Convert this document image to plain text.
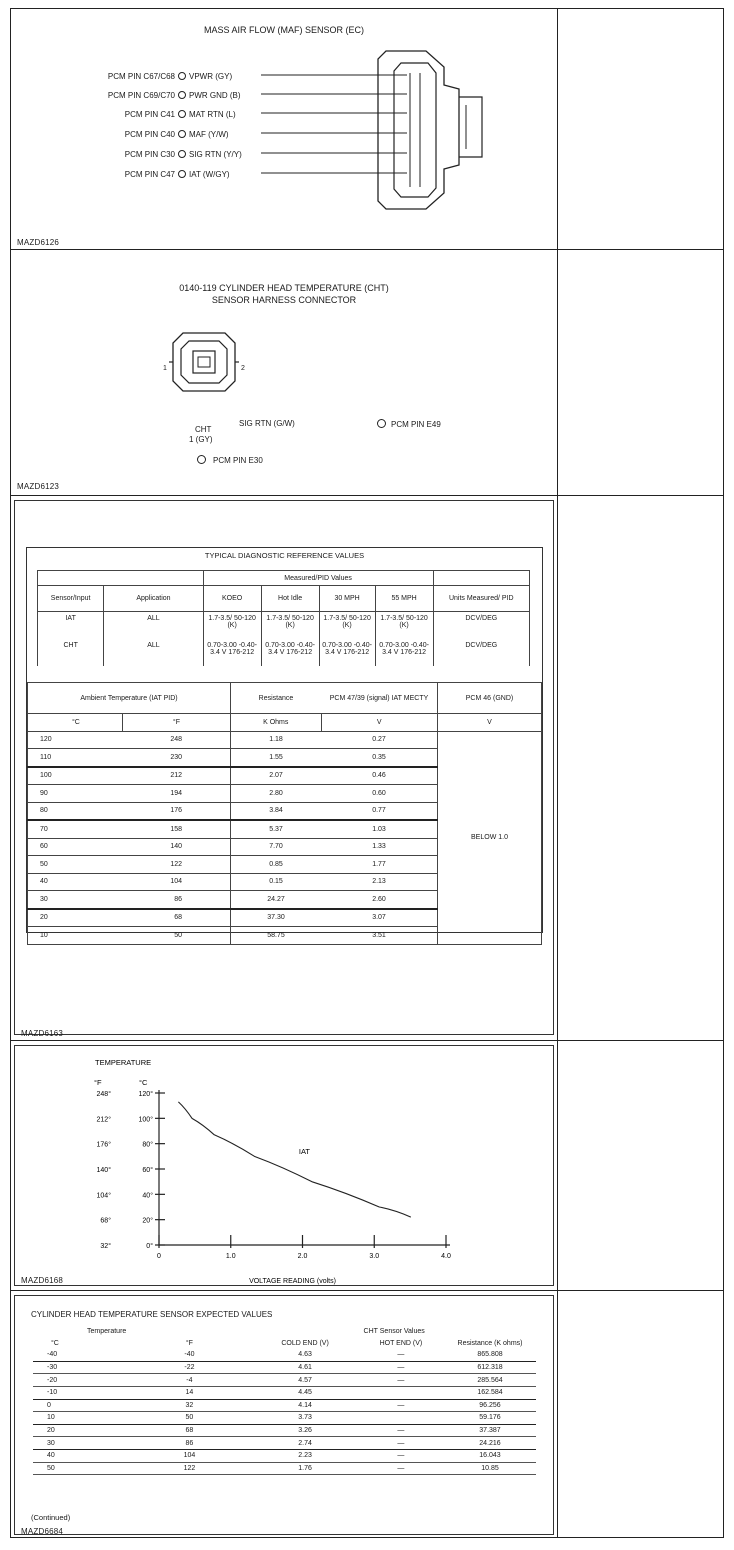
MASS AIR FLOW (MAF) SENSOR (EC)
PCM PIN C67/C68 VPWR (GY)
PCM PIN C69/C70 PWR GND (B)
PCM PIN C41 MAT RTN (L)
PCM PIN C40 MAF (Y/W)
PCM PIN C30 SIG RTN (Y/Y)
PCM PIN C47 IAT (W/GY)
MAZD6126
0140-119 CYLINDER HEAD TEMPERATURE (CHT)
SENSOR HARNESS CONNECTOR
1	2
CHT
1 (GY)
SIG RTN (G/W)	PCM PIN E49
PCM PIN E30
MAZD6123
TYPICAL DIAGNOSTIC REFERENCE VALUES
		Measured/PID Values				
Sensor/Input	Application	KOEO	Hot Idle	30 MPH	55 MPH	Units Measured/ PID
IAT	ALL	1.7-3.5/ 50-120 (K)	1.7-3.5/ 50-120 (K)	1.7-3.5/ 50-120 (K)	1.7-3.5/ 50-120 (K)	DCV/DEG
CHT	ALL	0.70-3.00 -0.40-3.4 V 176-212	0.70-3.00 -0.40-3.4 V 176-212	0.70-3.00 -0.40-3.4 V 176-212	0.70-3.00 -0.40-3.4 V 176-212	DCV/DEG
Ambient Temperature (IAT PID)		Resistance	PCM 47/39 (signal) IAT MECTY	PCM 46 (GND)
°C	°F	K Ohms	V	V
120	248	1.18	0.27	BELOW 1.0
110	230	1.55	0.35	
100	212	2.07	0.46	
90	194	2.80	0.60	
80	176	3.84	0.77	
70	158	5.37	1.03	
60	140	7.70	1.33	
50	122	0.85	1.77	
40	104	0.15	2.13	
30	86	24.27	2.60	
20	68	37.30	3.07	
10	50	58.75	3.51	
MAZD6163
TEMPERATURE
°F	°C
248°	120°
212°	100°
176°	80°
140°	60°
104°	40°
68°	20°
32°	0°
0	1.0	2.0	3.0	4.0
VOLTAGE READING (volts)
IAT
MAZD6168
CYLINDER HEAD TEMPERATURE SENSOR EXPECTED VALUES
Temperature		CHT Sensor Values		
°C	°F	COLD END (V)	HOT END (V)	Resistance (K ohms)
-40	-40	4.63	—	865.808
-30	-22	4.61	—	612.318
-20	-4	4.57	—	285.564
-10	14	4.45		162.584
0	32	4.14	—	96.256
10	50	3.73		59.176
20	68	3.26	—	37.387
30	86	2.74	—	24.216
40	104	2.23	—	16.043
50	122	1.76	—	10.85
(Continued)
MAZD6684
